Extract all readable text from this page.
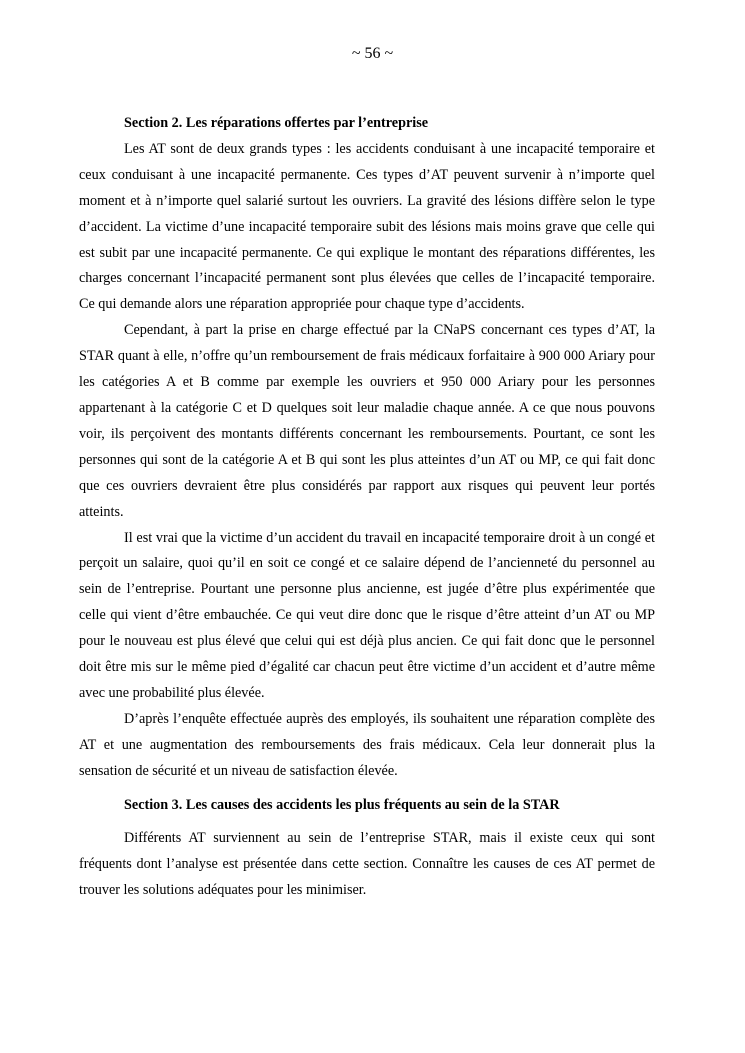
~ 56 ~

Section 2. Les réparations offertes par l’entreprise

Les AT sont de deux grands types : les accidents conduisant à une incapacité temporaire et ceux conduisant à une incapacité permanente. Ces types d’AT peuvent survenir à n’importe quel moment et à n’importe quel salarié surtout les ouvriers. La gravité des lésions diffère selon le type d’accident. La victime d’une incapacité temporaire subit des lésions mais moins grave que celle qui est subit par une incapacité permanente. Ce qui explique le montant des réparations différentes, les charges concernant l’incapacité permanent sont plus élevées que celles de l’incapacité temporaire. Ce qui demande alors une réparation appropriée pour chaque type d’accidents.

Cependant, à part la prise en charge effectué par la CNaPS concernant ces types d’AT, la STAR quant à elle, n’offre qu’un remboursement de frais médicaux forfaitaire à 900 000 Ariary pour les catégories A et B comme par exemple les ouvriers et 950 000 Ariary pour les personnes appartenant à la catégorie C et D quelques soit leur maladie chaque année. A ce que nous pouvons voir, ils perçoivent des montants différents concernant les remboursements. Pourtant, ce sont les personnes qui sont de la catégorie A et B qui sont les plus atteintes d’un AT ou MP, ce qui fait donc que ces ouvriers devraient être plus considérés par rapport aux risques qui peuvent leur portés atteints.

Il est vrai que la victime d’un accident du travail en incapacité temporaire droit à un congé et perçoit un salaire, quoi qu’il en soit ce congé et ce salaire dépend de l’ancienneté du personnel au sein de l’entreprise. Pourtant une personne plus ancienne, est jugée d’être plus expérimentée que celle qui vient d’être embauchée. Ce qui veut dire donc que le risque d’être atteint d’un AT ou MP pour le nouveau est plus élevé que celui qui est déjà plus ancien. Ce qui fait donc que le personnel doit être mis sur le même pied d’égalité car chacun peut être victime d’un accident et d’autre même avec une probabilité plus élevée.

D’après l’enquête effectuée auprès des employés, ils souhaitent une réparation complète des AT et une augmentation des remboursements des frais médicaux. Cela leur donnerait plus la sensation de sécurité et un niveau de satisfaction élevée.

Section 3. Les causes des accidents les plus fréquents au sein de la STAR

Différents AT surviennent au sein de l’entreprise STAR, mais il existe ceux qui sont fréquents dont l’analyse est présentée dans cette section. Connaître les causes de ces AT permet de trouver les solutions adéquates pour les minimiser.
